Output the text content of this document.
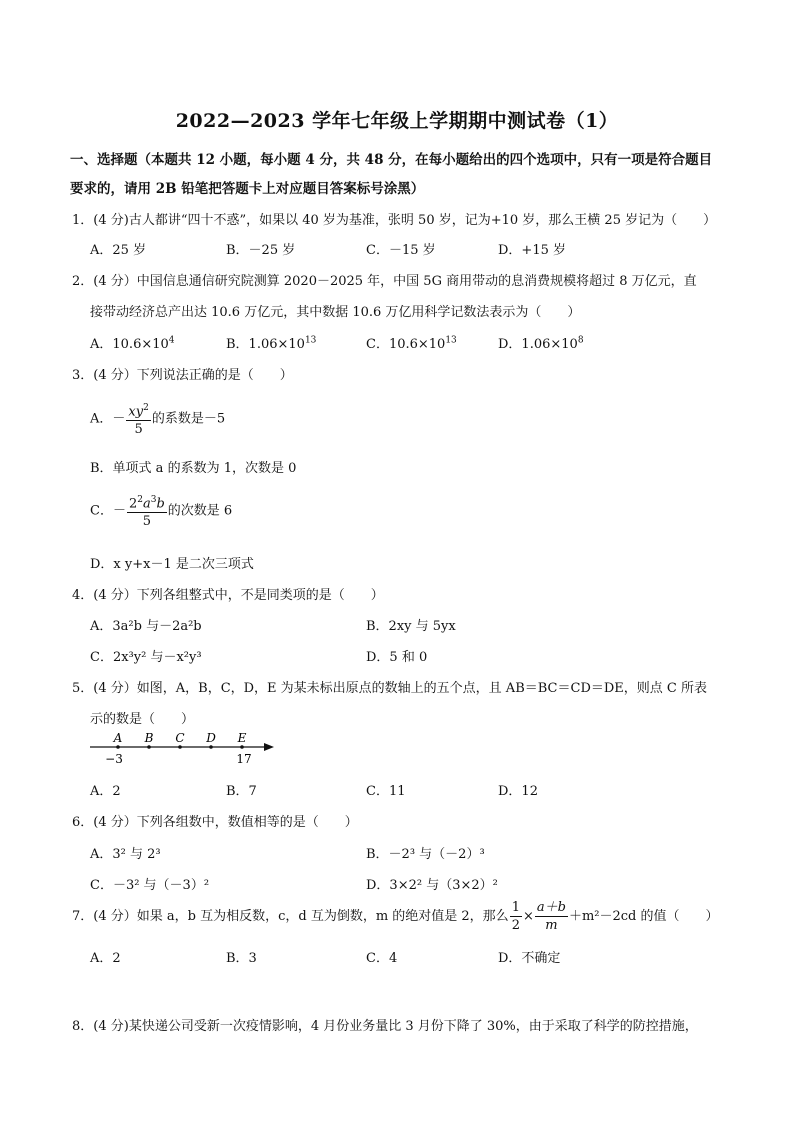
2022—2023 学年七年级上学期期中测试卷（1）
一、选择题（本题共 12 小题，每小题 4 分，共 48 分，在每小题给出的四个选项中，只有一项是符合题目
要求的，请用 2B 铅笔把答题卡上对应题目答案标号涂黑）
1．(4 分)古人都讲“四十不惑”，如果以 40 岁为基准，张明 50 岁，记为+10 岁，那么王横 25 岁记为（　　）
A．25 岁	B．－25 岁	C．－15 岁	D．+15 岁
2．(4 分）中国信息通信研究院测算 2020－2025 年，中国 5G 商用带动的息消费规模将超过 8 万亿元，直
接带动经济总产出达 10.6 万亿元，其中数据 10.6 万亿用科学记数法表示为（　　）
A．$10.6\times 10^4$	B．$1.06\times 10^{13}$	C．$10.6\times 10^{13}$	D．$1.06\times 10^8$
3．(4 分）下列说法正确的是（　　）
A．－ $\frac{xy^2}{5}$ 的系数是－5
B．单项式 a 的系数为 1，次数是 0
C．－ $\frac{2^2a^3b}{5}$ 的次数是 6
D．x y+x－1 是二次三项式
4．(4 分）下列各组整式中，不是同类项的是（　　）
A．3a²b 与－2a²b	B．2xy 与 5yx
C．2x³y² 与－x²y³	D．5 和 0
5．(4 分）如图，A，B，C，D，E 为某未标出原点的数轴上的五个点，且 AB＝BC＝CD＝DE，则点 C 所表
示的数是（　　）
A B C D E
−3	17
A．2	B．7	C．11	D．12
6．(4 分）下列各组数中，数值相等的是（　　）
A．3² 与 2³	B．－2³ 与（－2）³
C．－3² 与（－3）²	D．3×2² 与（3×2）²
7．(4 分）如果 a，b 互为相反数，c，d 互为倒数，m 的绝对值是 2，那么 $\frac{1}{2} \times \frac{a+b}{m} +m^2-2cd$ 的值（　　）
A．2	B．3	C．4	D．不确定
8．(4 分)某快递公司受新一次疫情影响，4 月份业务量比 3 月份下降了 30%，由于采取了科学的防控措施，
